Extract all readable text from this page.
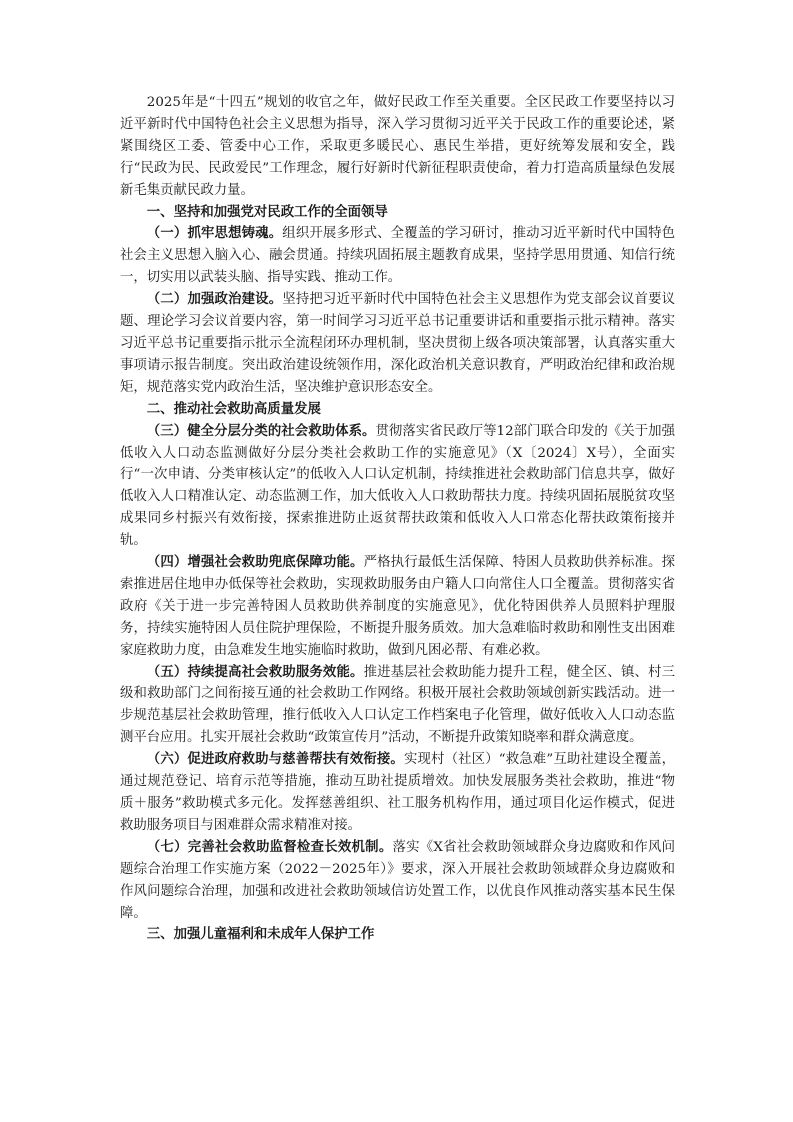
2025年是“十四五”规划的收官之年，做好民政工作至关重要。全区民政工作要坚持以习近平新时代中国特色社会主义思想为指导，深入学习贯彻习近平关于民政工作的重要论述，紧紧围绕区工委、管委中心工作，采取更多暖民心、惠民生举措，更好统筹发展和安全，践行“民政为民、民政爱民”工作理念，履行好新时代新征程职责使命，着力打造高质量绿色发展新毛集贡献民政力量。

一、坚持和加强党对民政工作的全面领导

（一）抓牢思想铸魂。组织开展多形式、全覆盖的学习研讨，推动习近平新时代中国特色社会主义思想入脑入心、融会贯通。持续巩固拓展主题教育成果，坚持学思用贯通、知信行统一，切实用以武装头脑、指导实践、推动工作。

（二）加强政治建设。坚持把习近平新时代中国特色社会主义思想作为党支部会议首要议题、理论学习会议首要内容，第一时间学习习近平总书记重要讲话和重要指示批示精神。落实习近平总书记重要指示批示全流程闭环办理机制，坚决贯彻上级各项决策部署，认真落实重大事项请示报告制度。突出政治建设统领作用，深化政治机关意识教育，严明政治纪律和政治规矩，规范落实党内政治生活，坚决维护意识形态安全。

二、推动社会救助高质量发展

（三）健全分层分类的社会救助体系。贯彻落实省民政厅等12部门联合印发的《关于加强低收入人口动态监测做好分层分类社会救助工作的实施意见》（X〔2024〕X号），全面实行“一次申请、分类审核认定”的低收入人口认定机制，持续推进社会救助部门信息共享，做好低收入人口精准认定、动态监测工作，加大低收入人口救助帮扶力度。持续巩固拓展脱贫攻坚成果同乡村振兴有效衔接，探索推进防止返贫帮扶政策和低收入人口常态化帮扶政策衔接并轨。

（四）增强社会救助兜底保障功能。严格执行最低生活保障、特困人员救助供养标准。探索推进居住地申办低保等社会救助，实现救助服务由户籍人口向常住人口全覆盖。贯彻落实省政府《关于进一步完善特困人员救助供养制度的实施意见》，优化特困供养人员照料护理服务，持续实施特困人员住院护理保险，不断提升服务质效。加大急难临时救助和刚性支出困难家庭救助力度，由急难发生地实施临时救助，做到凡困必帮、有难必救。

（五）持续提高社会救助服务效能。推进基层社会救助能力提升工程，健全区、镇、村三级和救助部门之间衔接互通的社会救助工作网络。积极开展社会救助领域创新实践活动。进一步规范基层社会救助管理，推行低收入人口认定工作档案电子化管理，做好低收入人口动态监测平台应用。扎实开展社会救助“政策宣传月”活动，不断提升政策知晓率和群众满意度。

（六）促进政府救助与慈善帮扶有效衔接。实现村（社区）“救急难”互助社建设全覆盖，通过规范登记、培育示范等措施，推动互助社提质增效。加快发展服务类社会救助，推进“物质＋服务”救助模式多元化。发挥慈善组织、社工服务机构作用，通过项目化运作模式，促进救助服务项目与困难群众需求精准对接。

（七）完善社会救助监督检查长效机制。落实《X省社会救助领域群众身边腐败和作风问题综合治理工作实施方案（2022－2025年）》要求，深入开展社会救助领域群众身边腐败和作风问题综合治理，加强和改进社会救助领域信访处置工作，以优良作风推动落实基本民生保障。

三、加强儿童福利和未成年人保护工作
